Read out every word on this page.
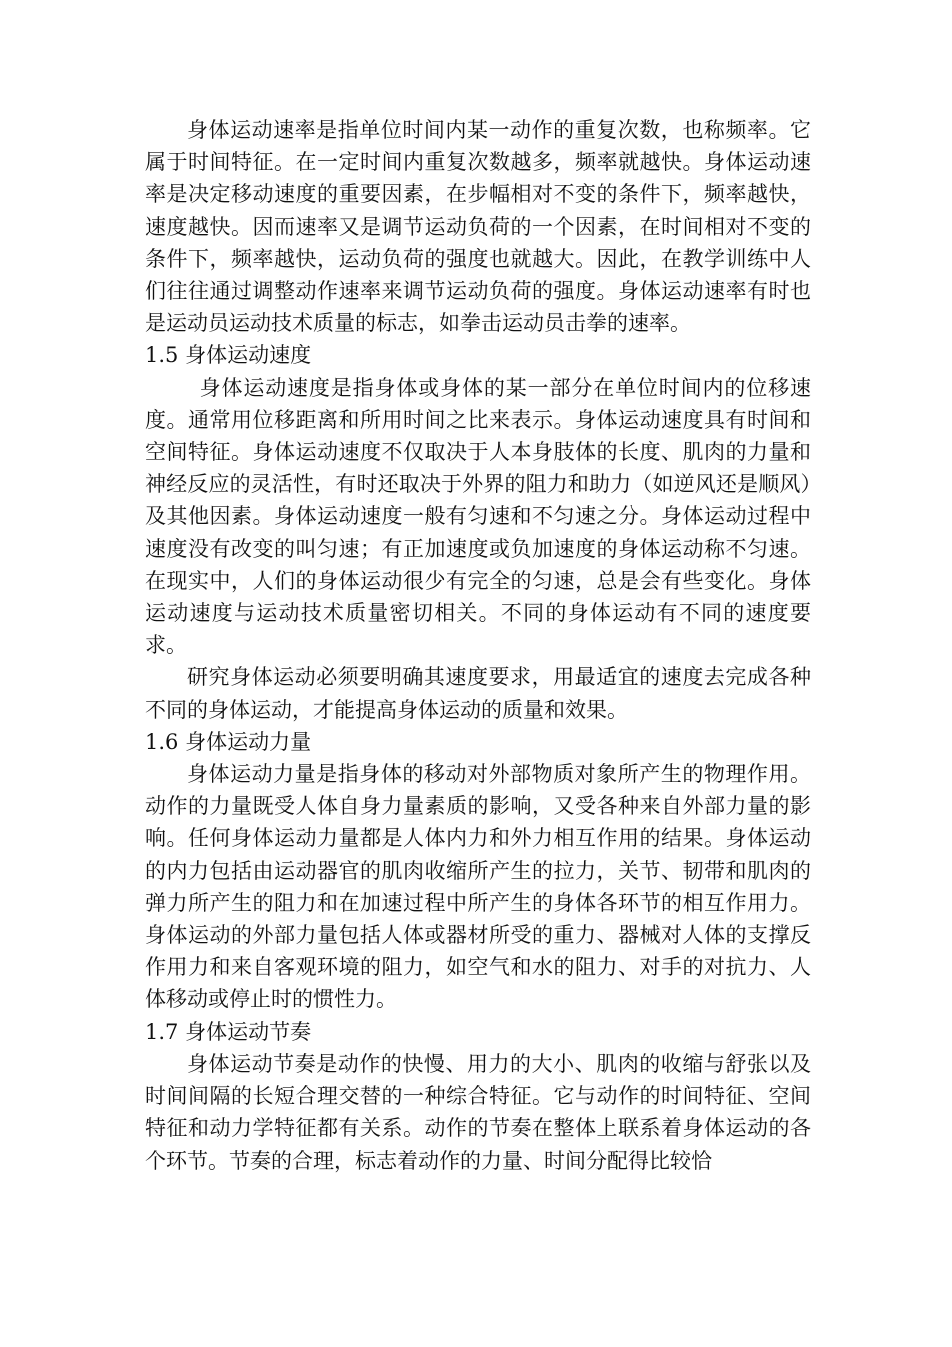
身体运动速率是指单位时间内某一动作的重复次数，也称频率。它属于时间特征。在一定时间内重复次数越多，频率就越快。身体运动速率是决定移动速度的重要因素，在步幅相对不变的条件下，频率越快，速度越快。因而速率又是调节运动负荷的一个因素，在时间相对不变的条件下，频率越快，运动负荷的强度也就越大。因此，在教学训练中人们往往通过调整动作速率来调节运动负荷的强度。身体运动速率有时也是运动员运动技术质量的标志，如拳击运动员击拳的速率。

1.5 身体运动速度

身体运动速度是指身体或身体的某一部分在单位时间内的位移速度。通常用位移距离和所用时间之比来表示。身体运动速度具有时间和空间特征。身体运动速度不仅取决于人本身肢体的长度、肌肉的力量和神经反应的灵活性，有时还取决于外界的阻力和助力（如逆风还是顺风）及其他因素。身体运动速度一般有匀速和不匀速之分。身体运动过程中速度没有改变的叫匀速；有正加速度或负加速度的身体运动称不匀速。在现实中，人们的身体运动很少有完全的匀速，总是会有些变化。身体运动速度与运动技术质量密切相关。不同的身体运动有不同的速度要求。

研究身体运动必须要明确其速度要求，用最适宜的速度去完成各种不同的身体运动，才能提高身体运动的质量和效果。

1.6 身体运动力量

身体运动力量是指身体的移动对外部物质对象所产生的物理作用。动作的力量既受人体自身力量素质的影响，又受各种来自外部力量的影响。任何身体运动力量都是人体内力和外力相互作用的结果。身体运动的内力包括由运动器官的肌肉收缩所产生的拉力，关节、韧带和肌肉的弹力所产生的阻力和在加速过程中所产生的身体各环节的相互作用力。身体运动的外部力量包括人体或器材所受的重力、器械对人体的支撑反作用力和来自客观环境的阻力，如空气和水的阻力、对手的对抗力、人体移动或停止时的惯性力。

1.7 身体运动节奏

身体运动节奏是动作的快慢、用力的大小、肌肉的收缩与舒张以及时间间隔的长短合理交替的一种综合特征。它与动作的时间特征、空间特征和动力学特征都有关系。动作的节奏在整体上联系着身体运动的各个环节。节奏的合理，标志着动作的力量、时间分配得比较恰
